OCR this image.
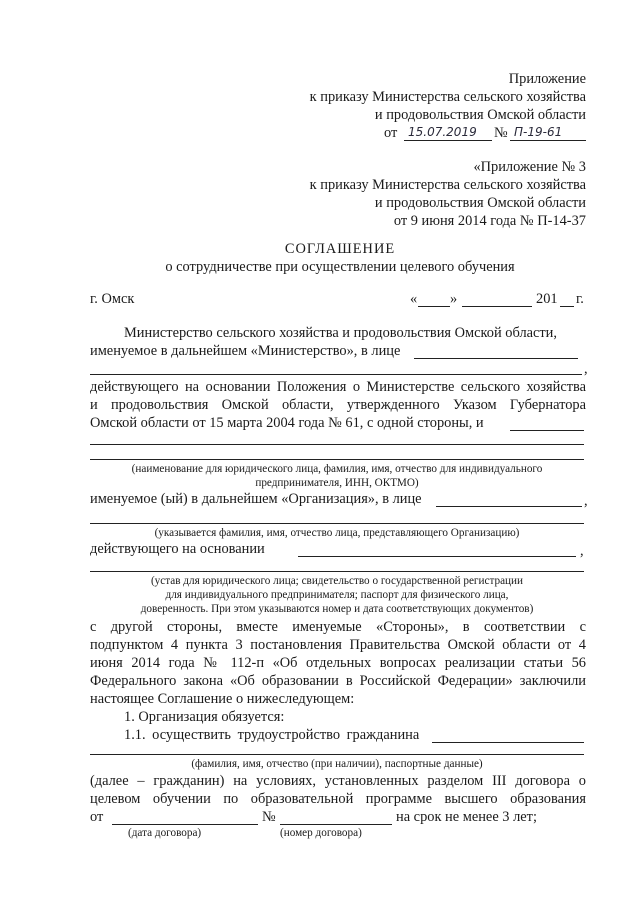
Приложение
к приказу Министерства сельского хозяйства
и продовольствия Омской области
от 15.07.2019 № П-19-61
«Приложение № 3
к приказу Министерства сельского хозяйства
и продовольствия Омской области
от 9 июня 2014 года № П-14-37
СОГЛАШЕНИЕ
о сотрудничестве при осуществлении целевого обучения
г. Омск	« »	201 г.
Министерство сельского хозяйства и продовольствия Омской области,
именуемое в дальнейшем «Министерство», в лице
,
действующего на основании Положения о Министерстве сельского хозяйства
и продовольствия Омской области, утвержденного Указом Губернатора
Омской области от 15 марта 2004 года № 61, с одной стороны, и
(наименование для юридического лица, фамилия, имя, отчество для индивидуального
предпринимателя, ИНН, ОКТМО)
именуемое (ый) в дальнейшем «Организация», в лице	,
(указывается фамилия, имя, отчество лица, представляющего Организацию)
действующего на основании	,
(устав для юридического лица; свидетельство о государственной регистрации
для индивидуального предпринимателя; паспорт для физического лица,
доверенность. При этом указываются номер и дата соответствующих документов)
с другой стороны, вместе именуемые «Стороны», в соответствии с
подпунктом 4 пункта 3 постановления Правительства Омской области от 4
июня 2014 года № 112-п «Об отдельных вопросах реализации статьи 56
Федерального закона «Об образовании в Российской Федерации» заключили
настоящее Соглашение о нижеследующем:
1. Организация обязуется:
1.1. осуществить трудоустройство гражданина
(фамилия, имя, отчество (при наличии), паспортные данные)
(далее – гражданин) на условиях, установленных разделом III договора о
целевом обучении по образовательной программе высшего образования
от	№	на срок не менее 3 лет;
(дата договора)	(номер договора)
